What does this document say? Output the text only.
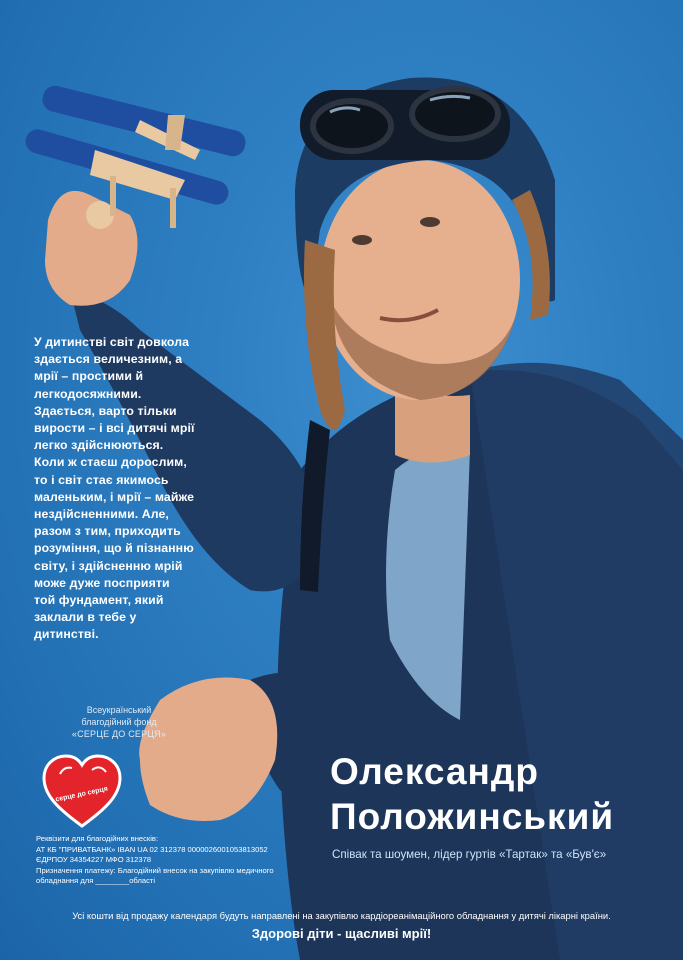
У дитинстві світ довкола
здається величезним, а
мрії – простими й
легкодосяжними.
Здається, варто тільки
вирости – і всі дитячі мрії
легко здійснюються.
Коли ж стаєш дорослим,
то і світ стає якимось
маленьким, і мрії – майже
нездійсненними. Але,
разом з тим, приходить
розуміння, що й пізнанню
світу, і здійсненню мрій
може дуже посприяти
той фундамент, який
заклали в тебе у
дитинстві.
Всеукраїнський
благодійний фонд
«СЕРЦЕ ДО СЕРЦЯ»
серце до серця
Реквізити для благодійних внесків:
АТ КБ "ПРИВАТБАНК» IBAN UA 02 312378 0000026001053813052
ЄДРПОУ 34354227 МФО 312378
Призначення платежу: Благодійний внесок на закупівлю медичного
обладнання для ________області
Олександр
Положинський
Співак та шоумен, лідер гуртів «Тартак» та «Був'є»
Усі кошти від продажу календаря будуть направлені на закупівлю кардіореанімаційного обладнання у дитячі лікарні країни.
Здорові діти - щасливі мрії!
